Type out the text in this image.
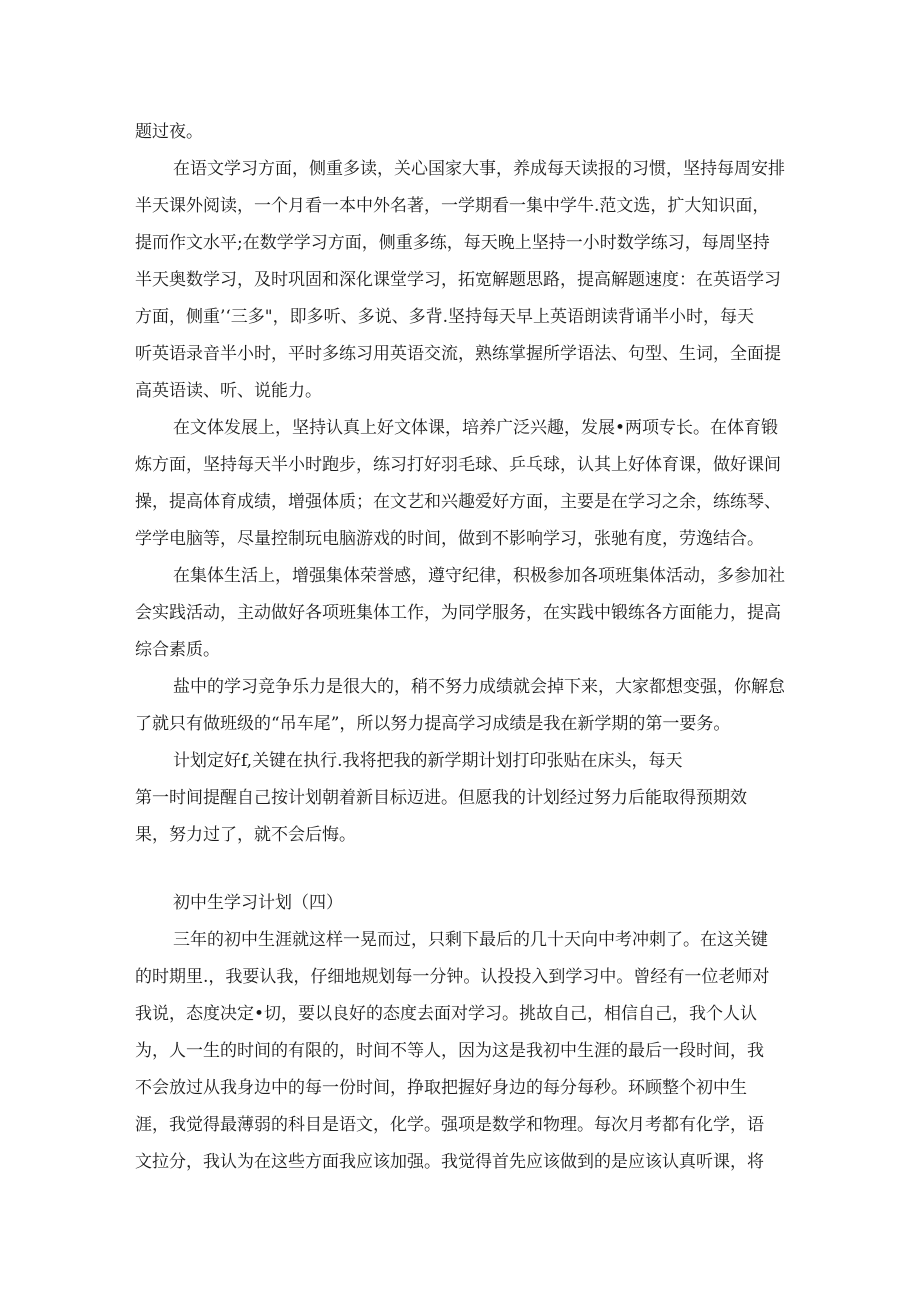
题过夜。
在语文学习方面，侧重多读，关心国家大事，养成每天读报的习惯，坚持每周安排
半天课外阅读，一个月看一本中外名著，一学期看一集中学牛.范文选，扩大知识面，
提而作文水平;在数学学习方面，侧重多练，每天晚上坚持一小时数学练习，每周坚持
半天奥数学习，及时巩固和深化课堂学习，拓宽解题思路，提高解题速度：在英语学习
方面，侧重’‘三多"，即多听、多说、多背.坚持每天早上英语朗读背诵半小时，每天
听英语录音半小时，平时多练习用英语交流，熟练掌握所学语法、句型、生词，全面提
高英语读、听、说能力。
在文体发展上，坚持认真上好文体课，培养广泛兴趣，发展•两项专长。在体育锻
炼方面，坚持每天半小时跑步，练习打好羽毛球、乒乓球，认其上好体育课，做好课间
操，提高体育成绩，增强体质；在文艺和兴趣爱好方面，主要是在学习之余，练练琴、
学学电脑等，尽量控制玩电脑游戏的时间，做到不影响学习，张驰有度，劳逸结合。
在集体生活上，增强集体荣誉感，遵守纪律，积极参加各项班集体活动，多参加社
会实践活动，主动做好各项班集体工作，为同学服务，在实践中锻练各方面能力，提高
综合素质。
盐中的学习竞争乐力是很大的，稍不努力成绩就会掉下来，大家都想变强，你解怠
了就只有做班级的“吊车尾”，所以努力提高学习成绩是我在新学期的第一要务。
计划定好f,关键在执行.我将把我的新学期计划打印张贴在床头，每天
第一时间提醒自己按计划朝着新目标迈进。但愿我的计划经过努力后能取得预期效
果，努力过了，就不会后悔。
初中生学习计划（四）
三年的初中生涯就这样一晃而过，只剩下最后的几十天向中考冲刺了。在这关键
的时期里.，我要认我，仔细地规划每一分钟。认投投入到学习中。曾经有一位老师对
我说，态度决定•切，要以良好的态度去面对学习。挑故自己，相信自己，我个人认
为，人一生的时间的有限的，时间不等人，因为这是我初中生涯的最后一段时间，我
不会放过从我身边中的每一份时间，挣取把握好身边的每分每秒。环顾整个初中生
涯，我觉得最薄弱的科目是语文，化学。强项是数学和物理。每次月考都有化学，语
文拉分，我认为在这些方面我应该加强。我觉得首先应该做到的是应该认真听课，将
